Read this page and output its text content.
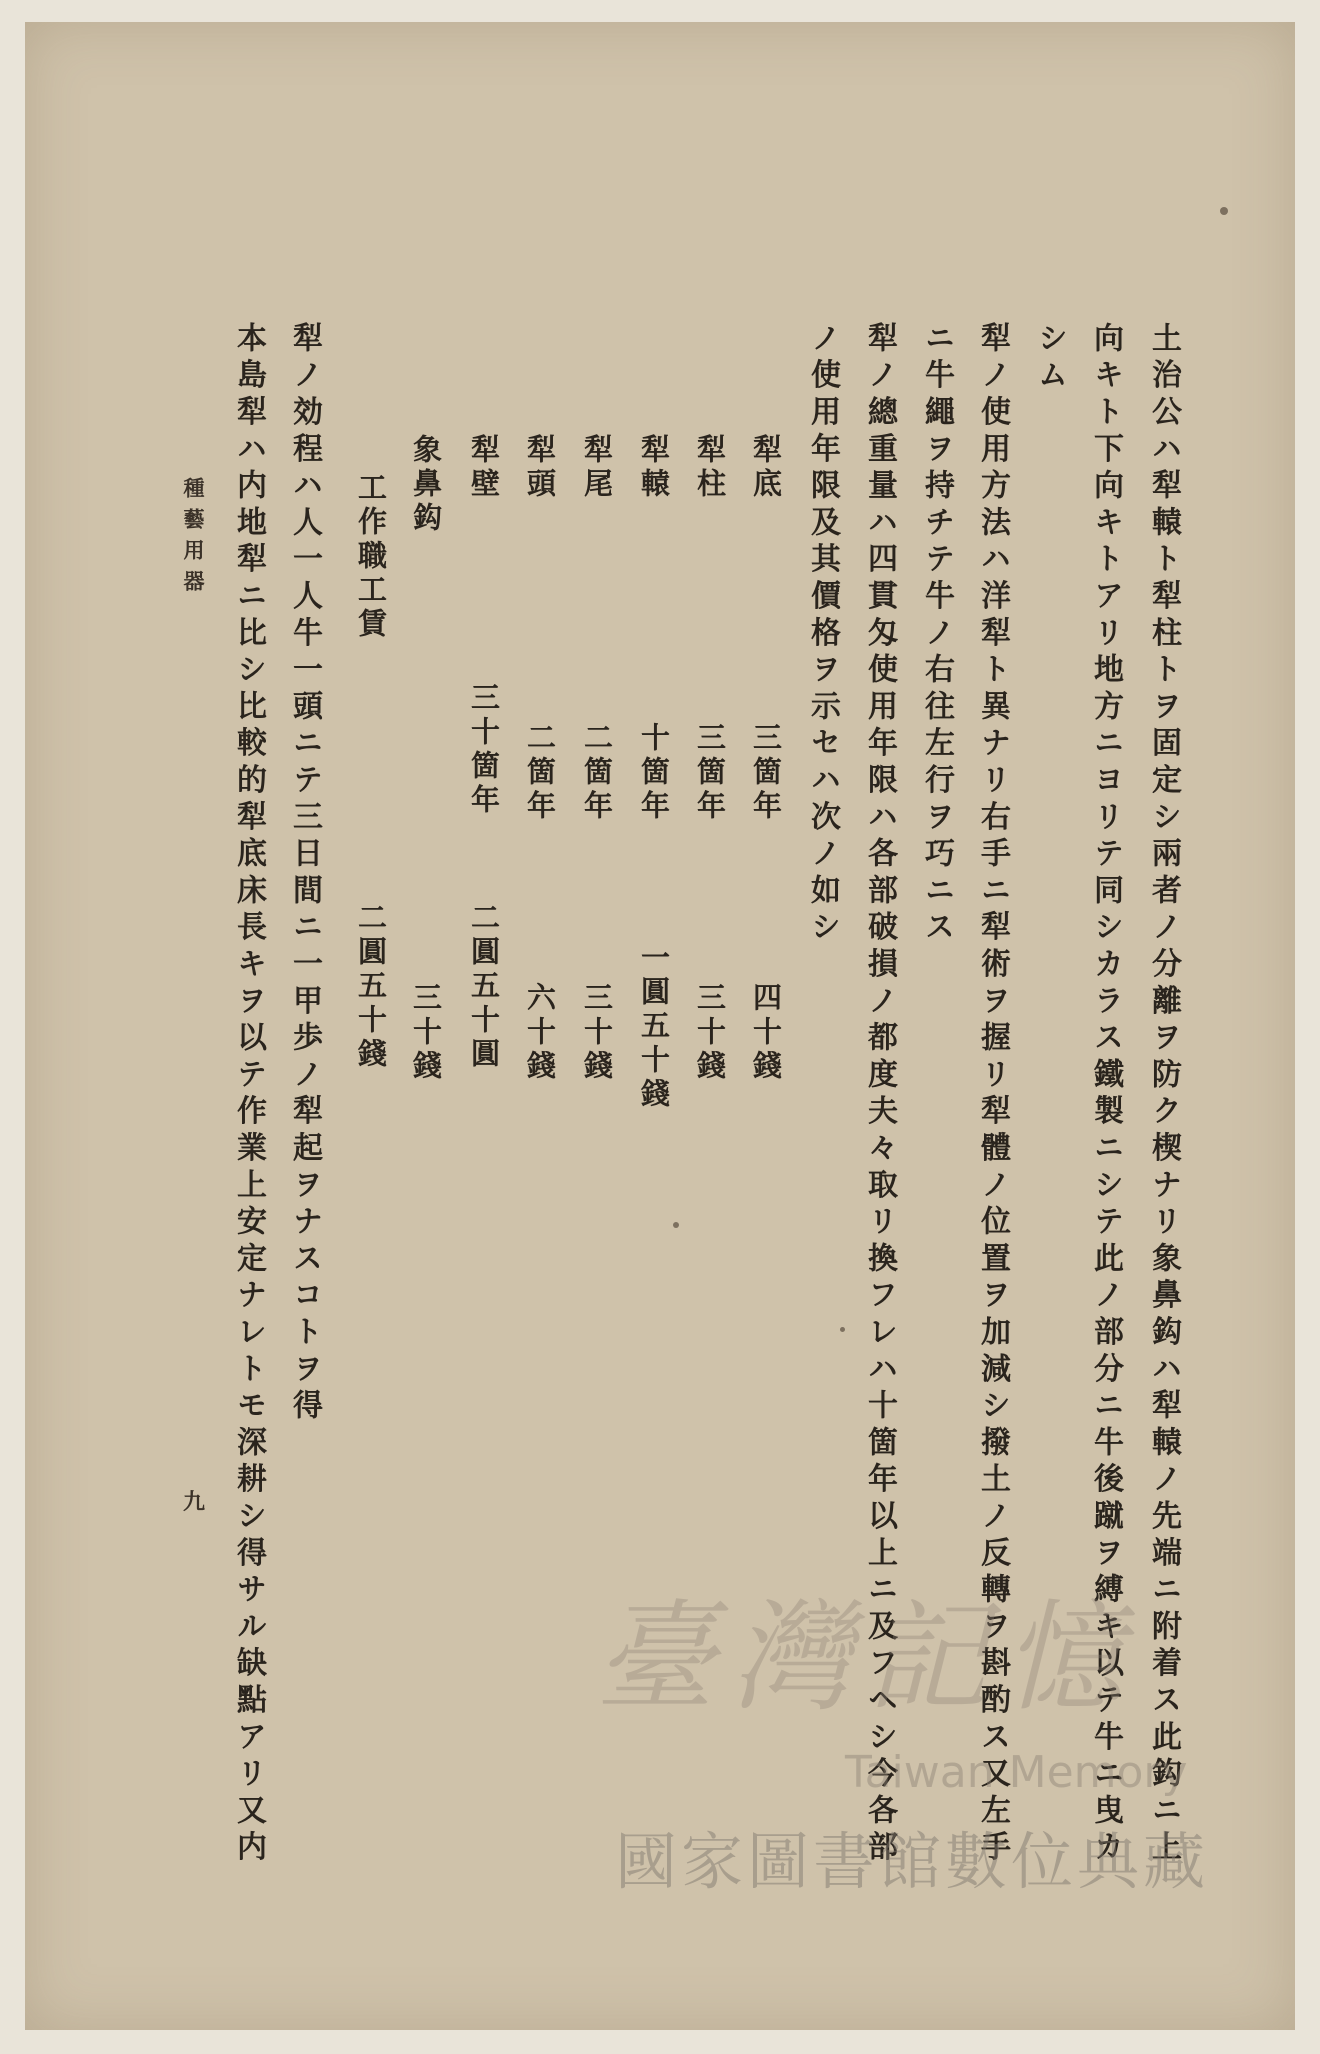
種藝用器
九	土治公ハ犁轅ト犁柱トヲ固定シ兩者ノ分離ヲ防ク楔ナリ象鼻鈎ハ犁轅ノ先端ニ附着ス此鈎ニ上
向キト下向キトアリ地方ニヨリテ同シカラス鐵製ニシテ此ノ部分ニ牛後蹴ヲ縛キ以テ牛ニ曳カ
シム
犁ノ使用方法ハ洋犁ト異ナリ右手ニ犁術ヲ握リ犁體ノ位置ヲ加減シ撥土ノ反轉ヲ斟酌ス又左手
ニ牛繩ヲ持チテ牛ノ右往左行ヲ巧ニス
犁ノ總重量ハ四貫匁使用年限ハ各部破損ノ都度夫々取リ換フレハ十箇年以上ニ及フヘシ今各部
ノ使用年限及其價格ヲ示セハ次ノ如シ
犁底
三箇年
四十錢
犁柱
三箇年
三十錢
犁轅
十箇年
一圓五十錢
犁尾
二箇年
三十錢
犁頭
二箇年
六十錢
犁壁
三十箇年
二圓五十圓
象鼻鈎
三十錢
工作職工賃
二圓五十錢
犁ノ効程ハ人一人牛一頭ニテ三日間ニ一甲歩ノ犁起ヲナスコトヲ得
本島犁ハ内地犁ニ比シ比較的犁底床長キヲ以テ作業上安定ナレトモ深耕シ得サル缺點アリ又内	臺灣記憶
Taiwan Memory
國家圖書館數位典藏
